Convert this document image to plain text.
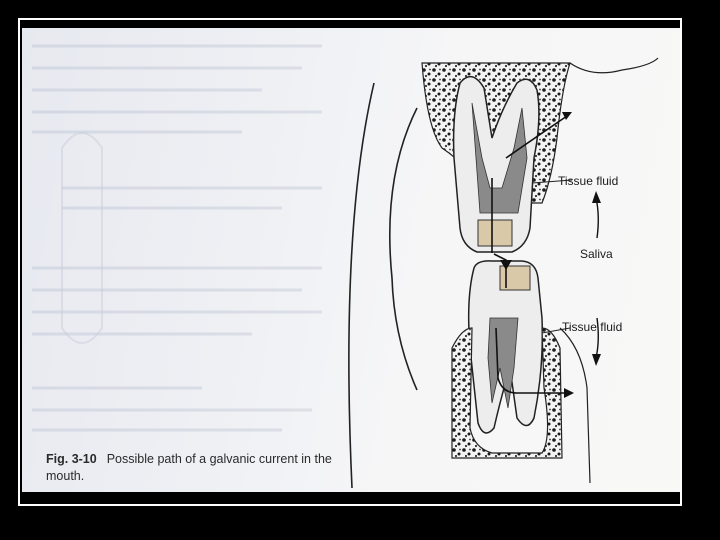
Tissue fluid
Saliva
Tissue fluid
Fig. 3-10 Possible path of a galvanic current in the mouth.
